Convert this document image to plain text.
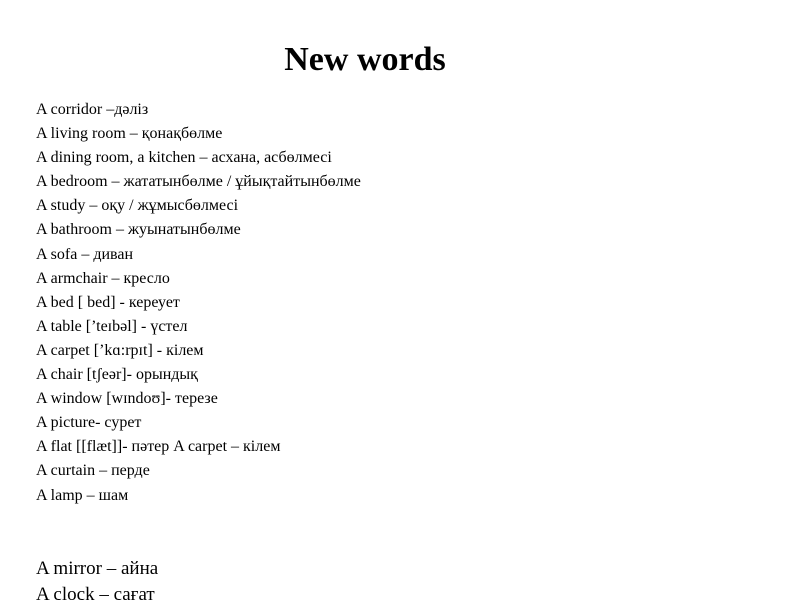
New words
A corridor –дәліз
A living room – қонақбөлме
A dining room, a kitchen – асхана, асбөлмесі
A bedroom – жататынбөлме / ұйықтайтынбөлме
A study – оқу / жұмысбөлмесі
A bathroom – жуынатынбөлме
A sofa – диван
A armchair – кресло
A bed [ bed] - кереует
A table [’teɪbəl] - үстел
A carpet [’kɑ:rpɪt] - кілем
A chair [tʃeər]- орындық
A window [wɪndoʊ]- терезе
A picture- сурет
A flat [[flæt]]- пәтер A carpet – кілем
A curtain – перде
A lamp – шам
A mirror – айна
A clock – сағат
